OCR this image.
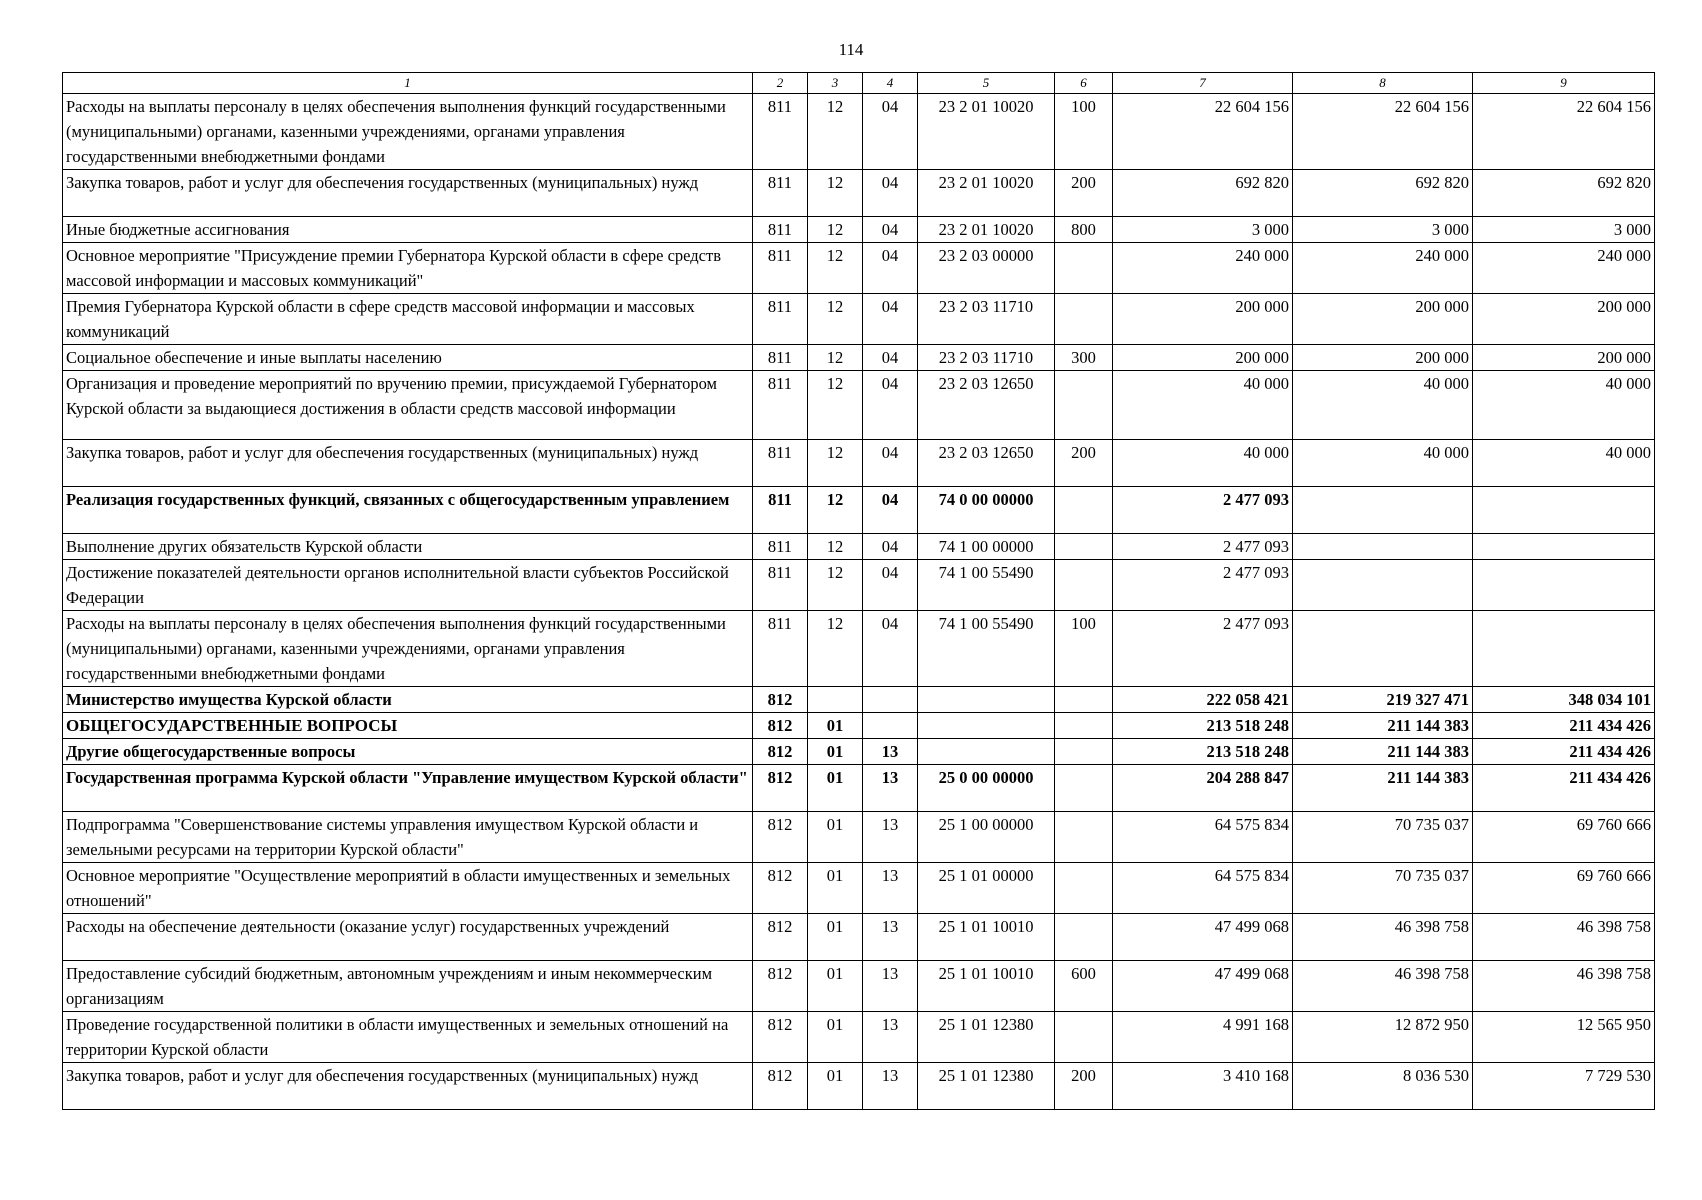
114
1	2	3	4	5	6	7	8	9
Расходы на выплаты персоналу в целях обеспечения выполнения функций государственными (муниципальными) органами, казенными учреждениями, органами управления государственными внебюджетными фондами	811	12	04	23 2 01 10020	100	22 604 156	22 604 156	22 604 156
Закупка товаров, работ и услуг для обеспечения государственных (муниципальных) нужд	811	12	04	23 2 01 10020	200	692 820	692 820	692 820
Иные бюджетные ассигнования	811	12	04	23 2 01 10020	800	3 000	3 000	3 000
Основное мероприятие "Присуждение премии Губернатора Курской области в сфере средств массовой информации и массовых коммуникаций"	811	12	04	23 2 03 00000		240 000	240 000	240 000
Премия Губернатора Курской области в сфере средств массовой информации и массовых коммуникаций	811	12	04	23 2 03 11710		200 000	200 000	200 000
Социальное обеспечение и иные выплаты населению	811	12	04	23 2 03 11710	300	200 000	200 000	200 000
Организация и проведение мероприятий по вручению премии, присуждаемой Губернатором Курской области за выдающиеся достижения в области средств массовой информации	811	12	04	23 2 03 12650		40 000	40 000	40 000
Закупка товаров, работ и услуг для обеспечения государственных (муниципальных) нужд	811	12	04	23 2 03 12650	200	40 000	40 000	40 000
Реализация государственных функций, связанных с общегосударственным управлением	811	12	04	74 0 00 00000		2 477 093		
Выполнение других обязательств Курской области	811	12	04	74 1 00 00000		2 477 093		
Достижение показателей деятельности органов исполнительной власти субъектов Российской Федерации	811	12	04	74 1 00 55490		2 477 093		
Расходы на выплаты персоналу в целях обеспечения выполнения функций государственными (муниципальными) органами, казенными учреждениями, органами управления государственными внебюджетными фондами	811	12	04	74 1 00 55490	100	2 477 093		
Министерство имущества Курской области	812					222 058 421	219 327 471	348 034 101
ОБЩЕГОСУДАРСТВЕННЫЕ ВОПРОСЫ	812	01				213 518 248	211 144 383	211 434 426
Другие общегосударственные вопросы	812	01	13			213 518 248	211 144 383	211 434 426
Государственная программа Курской области "Управление имуществом Курской области"	812	01	13	25 0 00 00000		204 288 847	211 144 383	211 434 426
Подпрограмма "Совершенствование системы управления имуществом Курской области и земельными ресурсами на территории Курской области"	812	01	13	25 1 00 00000		64 575 834	70 735 037	69 760 666
Основное мероприятие "Осуществление мероприятий в области имущественных и земельных отношений"	812	01	13	25 1 01 00000		64 575 834	70 735 037	69 760 666
Расходы на обеспечение деятельности (оказание услуг) государственных учреждений	812	01	13	25 1 01 10010		47 499 068	46 398 758	46 398 758
Предоставление субсидий бюджетным, автономным учреждениям и иным некоммерческим организациям	812	01	13	25 1 01 10010	600	47 499 068	46 398 758	46 398 758
Проведение государственной политики в области имущественных и земельных отношений на территории Курской области	812	01	13	25 1 01 12380		4 991 168	12 872 950	12 565 950
Закупка товаров, работ и услуг для обеспечения государственных (муниципальных) нужд	812	01	13	25 1 01 12380	200	3 410 168	8 036 530	7 729 530
